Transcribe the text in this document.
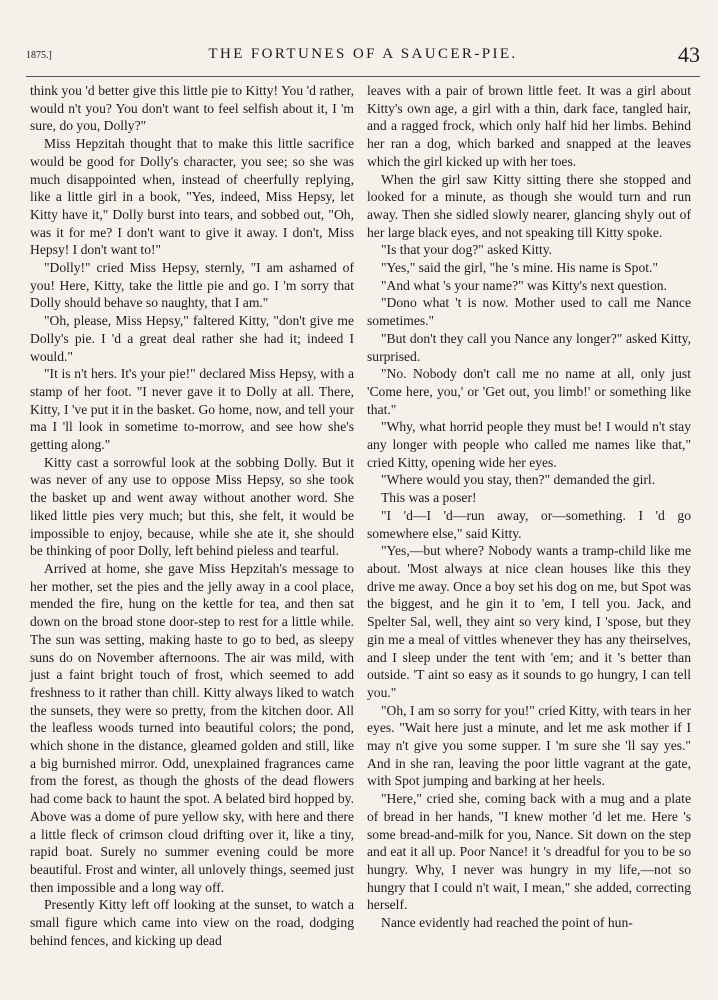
1875.]	THE FORTUNES OF A SAUCER-PIE.	43

think you 'd better give this little pie to Kitty! You 'd rather, would n't you? You don't want to feel selfish about it, I 'm sure, do you, Dolly?"

Miss Hepzitah thought that to make this little sacrifice would be good for Dolly's character, you see; so she was much disappointed when, instead of cheerfully replying, like a little girl in a book, "Yes, indeed, Miss Hepsy, let Kitty have it," Dolly burst into tears, and sobbed out, "Oh, was it for me? I don't want to give it away. I don't, Miss Hepsy! I don't want to!"

"Dolly!" cried Miss Hepsy, sternly, "I am ashamed of you! Here, Kitty, take the little pie and go. I 'm sorry that Dolly should behave so naughty, that I am."

"Oh, please, Miss Hepsy," faltered Kitty, "don't give me Dolly's pie. I 'd a great deal rather she had it; indeed I would."

"It is n't hers. It's your pie!" declared Miss Hepsy, with a stamp of her foot. "I never gave it to Dolly at all. There, Kitty, I 've put it in the basket. Go home, now, and tell your ma I 'll look in sometime to-morrow, and see how she's getting along."

Kitty cast a sorrowful look at the sobbing Dolly. But it was never of any use to oppose Miss Hepsy, so she took the basket up and went away without another word. She liked little pies very much; but this, she felt, it would be impossible to enjoy, because, while she ate it, she should be thinking of poor Dolly, left behind pieless and tearful.

Arrived at home, she gave Miss Hepzitah's message to her mother, set the pies and the jelly away in a cool place, mended the fire, hung on the kettle for tea, and then sat down on the broad stone door-step to rest for a little while. The sun was setting, making haste to go to bed, as sleepy suns do on November afternoons. The air was mild, with just a faint bright touch of frost, which seemed to add freshness to it rather than chill. Kitty always liked to watch the sunsets, they were so pretty, from the kitchen door. All the leafless woods turned into beautiful colors; the pond, which shone in the distance, gleamed golden and still, like a big burnished mirror. Odd, unexplained fragrances came from the forest, as though the ghosts of the dead flowers had come back to haunt the spot. A belated bird hopped by. Above was a dome of pure yellow sky, with here and there a little fleck of crimson cloud drifting over it, like a tiny, rapid boat. Surely no summer evening could be more beautiful. Frost and winter, all unlovely things, seemed just then impossible and a long way off.

Presently Kitty left off looking at the sunset, to watch a small figure which came into view on the road, dodging behind fences, and kicking up dead

leaves with a pair of brown little feet. It was a girl about Kitty's own age, a girl with a thin, dark face, tangled hair, and a ragged frock, which only half hid her limbs. Behind her ran a dog, which barked and snapped at the leaves which the girl kicked up with her toes.

When the girl saw Kitty sitting there she stopped and looked for a minute, as though she would turn and run away. Then she sidled slowly nearer, glancing shyly out of her large black eyes, and not speaking till Kitty spoke.

"Is that your dog?" asked Kitty.

"Yes," said the girl, "he 's mine. His name is Spot."

"And what 's your name?" was Kitty's next question.

"Dono what 't is now. Mother used to call me Nance sometimes."

"But don't they call you Nance any longer?" asked Kitty, surprised.

"No. Nobody don't call me no name at all, only just 'Come here, you,' or 'Get out, you limb!' or something like that."

"Why, what horrid people they must be! I would n't stay any longer with people who called me names like that," cried Kitty, opening wide her eyes.

"Where would you stay, then?" demanded the girl.

This was a poser!

"I 'd—I 'd—run away, or—something. I 'd go somewhere else," said Kitty.

"Yes,—but where? Nobody wants a tramp-child like me about. 'Most always at nice clean houses like this they drive me away. Once a boy set his dog on me, but Spot was the biggest, and he gin it to 'em, I tell you. Jack, and Spelter Sal, well, they aint so very kind, I 'spose, but they gin me a meal of vittles whenever they has any theirselves, and I sleep under the tent with 'em; and it 's better than outside. 'T aint so easy as it sounds to go hungry, I can tell you."

"Oh, I am so sorry for you!" cried Kitty, with tears in her eyes. "Wait here just a minute, and let me ask mother if I may n't give you some supper. I 'm sure she 'll say yes." And in she ran, leaving the poor little vagrant at the gate, with Spot jumping and barking at her heels.

"Here," cried she, coming back with a mug and a plate of bread in her hands, "I knew mother 'd let me. Here 's some bread-and-milk for you, Nance. Sit down on the step and eat it all up. Poor Nance! it 's dreadful for you to be so hungry. Why, I never was hungry in my life,—not so hungry that I could n't wait, I mean," she added, correcting herself.

Nance evidently had reached the point of hun-
